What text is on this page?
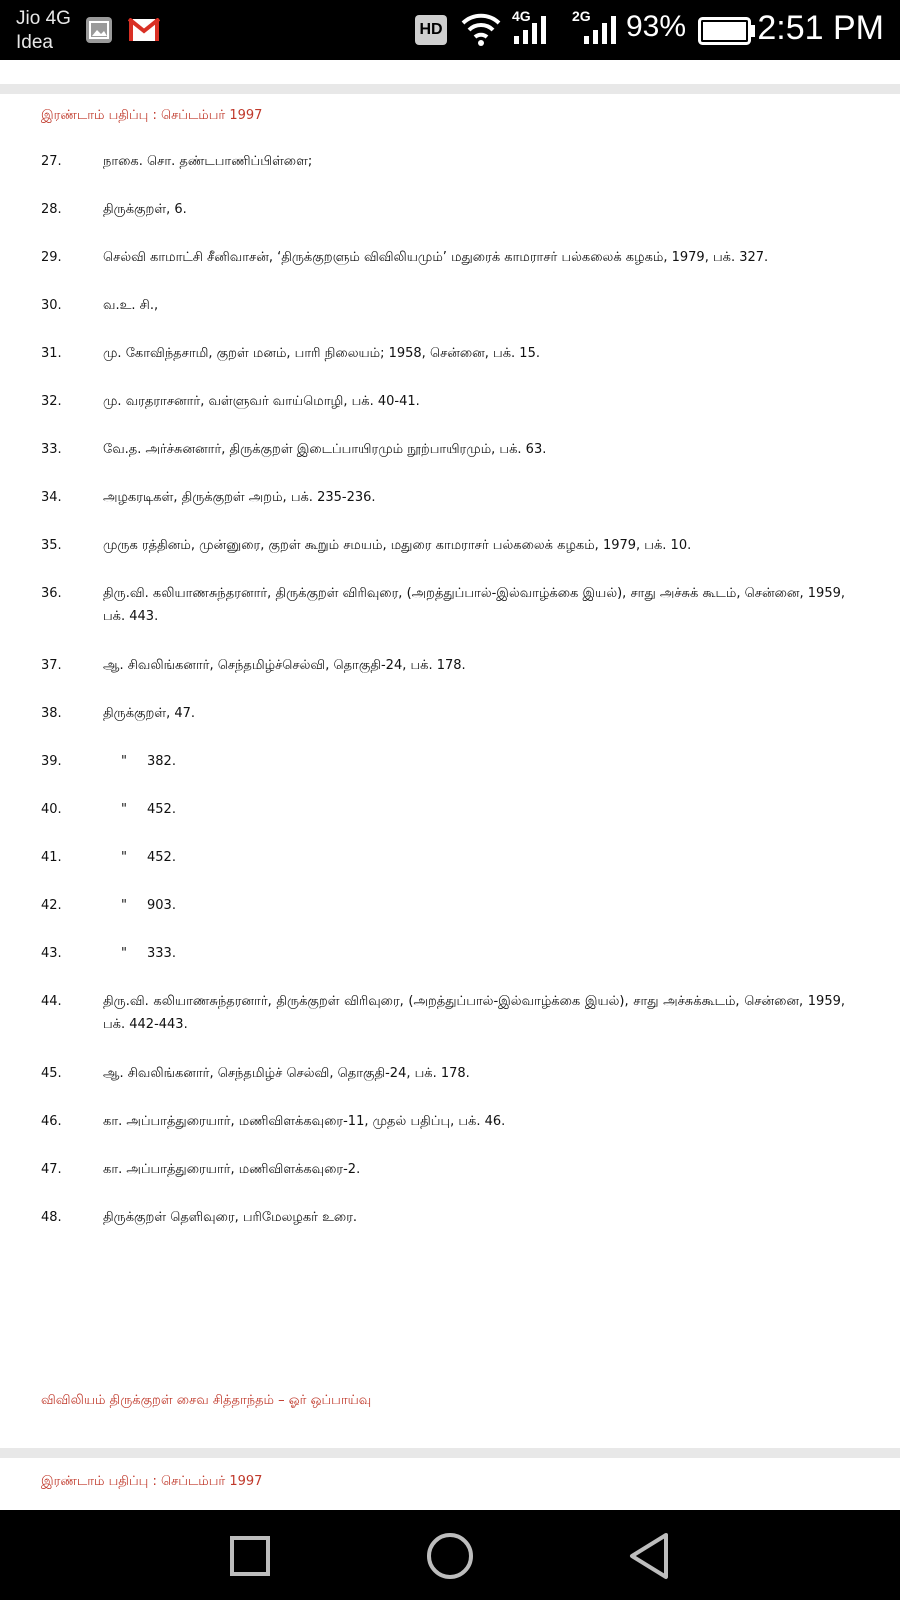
Jio 4G
Idea
HD
4G	2G 93% 2:51 PM
இரண்டாம் பதிப்பு : செப்டம்பர் 1997
27.	நாகை. சொ. தண்டபாணிப்பிள்ளை;
28.	திருக்குறள், 6.
29.	செல்வி காமாட்சி சீனிவாசன், ‘திருக்குறளும் விவிலியமும்’ மதுரைக் காமராசர் பல்கலைக் கழகம், 1979, பக். 327.
30.	வ.உ. சி.,
31.	மு. கோவிந்தசாமி, குறள் மனம், பாரி நிலையம்; 1958, சென்னை, பக். 15.
32.	மு. வரதராசனார், வள்ளுவர் வாய்மொழி, பக். 40-41.
33.	வே.த. அர்ச்சுனனார், திருக்குறள் இடைப்பாயிரமும் நூற்பாயிரமும், பக். 63.
34.	அழகரடிகள், திருக்குறள் அறம், பக். 235-236.
35.	முருக ரத்தினம், முன்னுரை, குறள் கூறும் சமயம், மதுரை காமராசர் பல்கலைக் கழகம், 1979, பக். 10.
36.	திரு.வி. கலியாணசுந்தரனார், திருக்குறள் விரிவுரை, (அறத்துப்பால்-இல்வாழ்க்கை இயல்), சாது அச்சுக் கூடம், சென்னை, 1959, பக். 443.
37.	ஆ. சிவலிங்கனார், செந்தமிழ்ச்செல்வி, தொகுதி-24, பக். 178.
38.	திருக்குறள், 47.
39.	" 382.
40.	" 452.
41.	" 452.
42.	" 903.
43.	" 333.
44.	திரு.வி. கலியாணசுந்தரனார், திருக்குறள் விரிவுரை, (அறத்துப்பால்-இல்வாழ்க்கை இயல்), சாது அச்சுக்கூடம், சென்னை, 1959, பக். 442-443.
45.	ஆ. சிவலிங்கனார், செந்தமிழ்ச் செல்வி, தொகுதி-24, பக். 178.
46.	கா. அப்பாத்துரையார், மணிவிளக்கவுரை-11, முதல் பதிப்பு, பக். 46.
47.	கா. அப்பாத்துரையார், மணிவிளக்கவுரை-2.
48.	திருக்குறள் தெளிவுரை, பரிமேலழகர் உரை.
விவிலியம் திருக்குறள் சைவ சித்தாந்தம் – ஓர் ஒப்பாய்வு
இரண்டாம் பதிப்பு : செப்டம்பர் 1997
